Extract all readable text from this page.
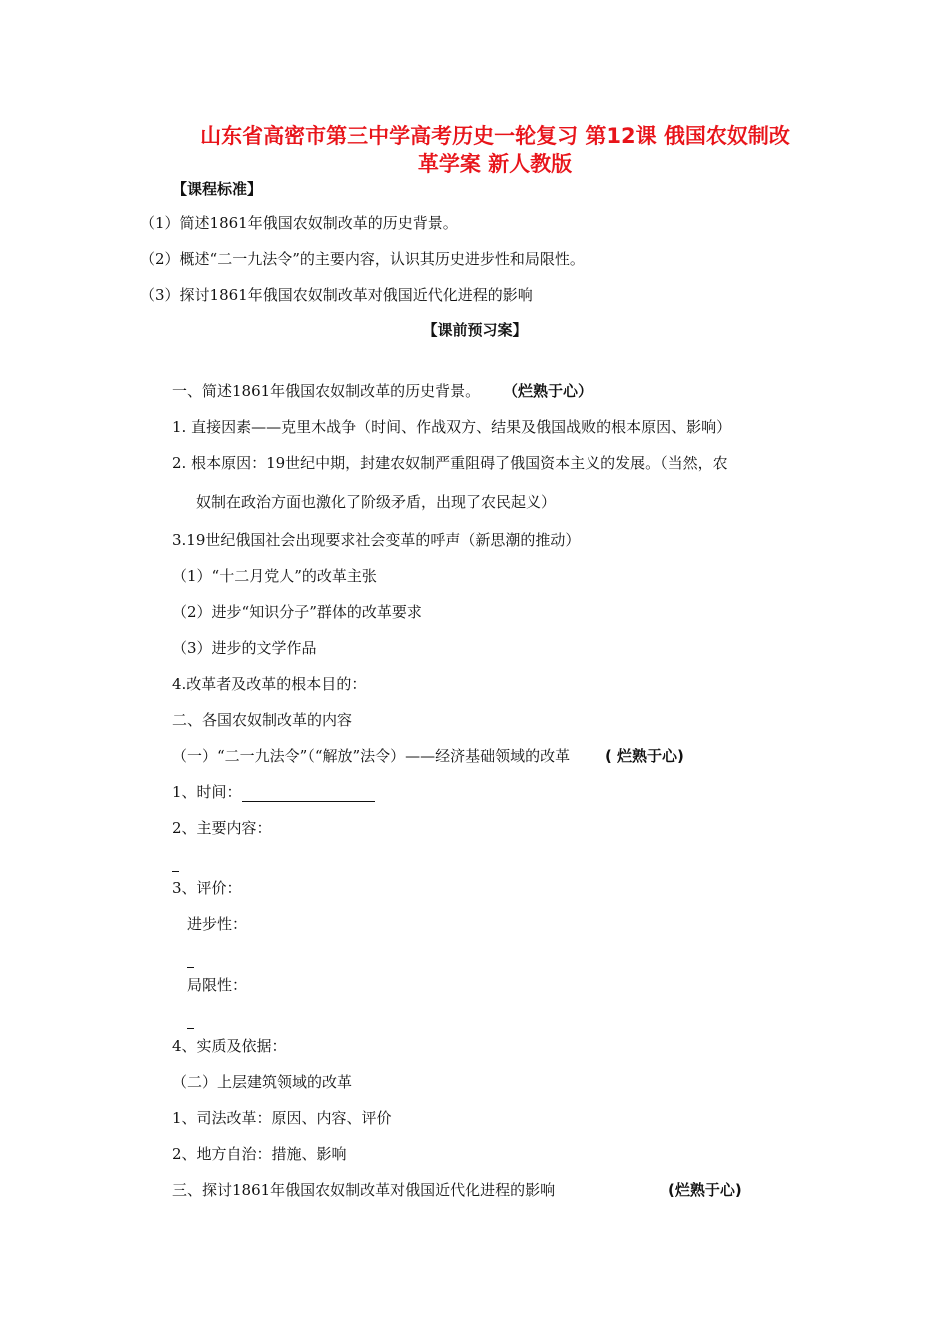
山东省高密市第三中学高考历史一轮复习 第12课 俄国农奴制改
革学案 新人教版
【课程标准】
（1）简述1861年俄国农奴制改革的历史背景。
（2）概述“二一九法令”的主要内容，认识其历史进步性和局限性。
（3）探讨1861年俄国农奴制改革对俄国近代化进程的影响
【课前预习案】
一、简述1861年俄国农奴制改革的历史背景。 （烂熟于心）
1. 直接因素——克里木战争（时间、作战双方、结果及俄国战败的根本原因、影响）
2. 根本原因：19世纪中期，封建农奴制严重阻碍了俄国资本主义的发展。（当然，农
奴制在政治方面也激化了阶级矛盾，出现了农民起义）
3.19世纪俄国社会出现要求社会变革的呼声（新思潮的推动）
（1）“十二月党人”的改革主张
（2）进步“知识分子”群体的改革要求
（3）进步的文学作品
4.改革者及改革的根本目的：
二、各国农奴制改革的内容
（一）“二一九法令”（“解放”法令）——经济基础领域的改革 ( 烂熟于心)
1、时间：
2、主要内容：
3、评价：
进步性：
局限性：
4、实质及依据：
（二）上层建筑领域的改革
1、司法改革：原因、内容、评价
2、地方自治：措施、影响
三、探讨1861年俄国农奴制改革对俄国近代化进程的影响	(烂熟于心)
